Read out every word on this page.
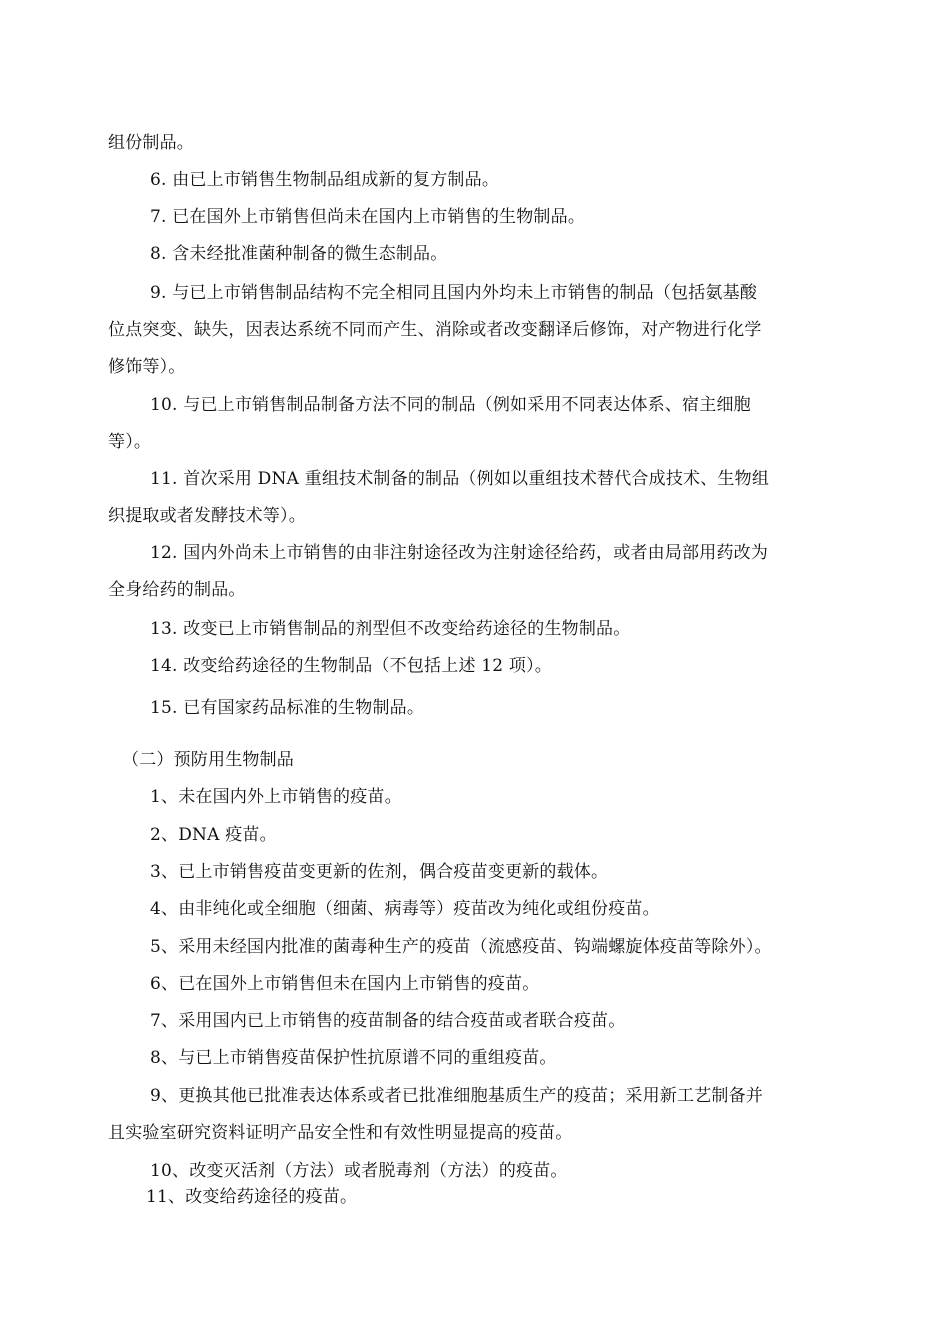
组份制品。
6. 由已上市销售生物制品组成新的复方制品。
7. 已在国外上市销售但尚未在国内上市销售的生物制品。
8. 含未经批准菌种制备的微生态制品。
9. 与已上市销售制品结构不完全相同且国内外均未上市销售的制品（包括氨基酸
位点突变、缺失，因表达系统不同而产生、消除或者改变翻译后修饰，对产物进行化学
修饰等）。
10. 与已上市销售制品制备方法不同的制品（例如采用不同表达体系、宿主细胞
等）。
11. 首次采用 DNA 重组技术制备的制品（例如以重组技术替代合成技术、生物组
织提取或者发酵技术等）。
12. 国内外尚未上市销售的由非注射途径改为注射途径给药，或者由局部用药改为
全身给药的制品。
13. 改变已上市销售制品的剂型但不改变给药途径的生物制品。
14. 改变给药途径的生物制品（不包括上述 12 项）。
15. 已有国家药品标准的生物制品。
（二）预防用生物制品
1、未在国内外上市销售的疫苗。
2、DNA 疫苗。
3、已上市销售疫苗变更新的佐剂，偶合疫苗变更新的载体。
4、由非纯化或全细胞（细菌、病毒等）疫苗改为纯化或组份疫苗。
5、采用未经国内批准的菌毒种生产的疫苗（流感疫苗、钩端螺旋体疫苗等除外）。
6、已在国外上市销售但未在国内上市销售的疫苗。
7、采用国内已上市销售的疫苗制备的结合疫苗或者联合疫苗。
8、与已上市销售疫苗保护性抗原谱不同的重组疫苗。
9、更换其他已批准表达体系或者已批准细胞基质生产的疫苗；采用新工艺制备并
且实验室研究资料证明产品安全性和有效性明显提高的疫苗。
10、改变灭活剂（方法）或者脱毒剂（方法）的疫苗。
11、改变给药途径的疫苗。
